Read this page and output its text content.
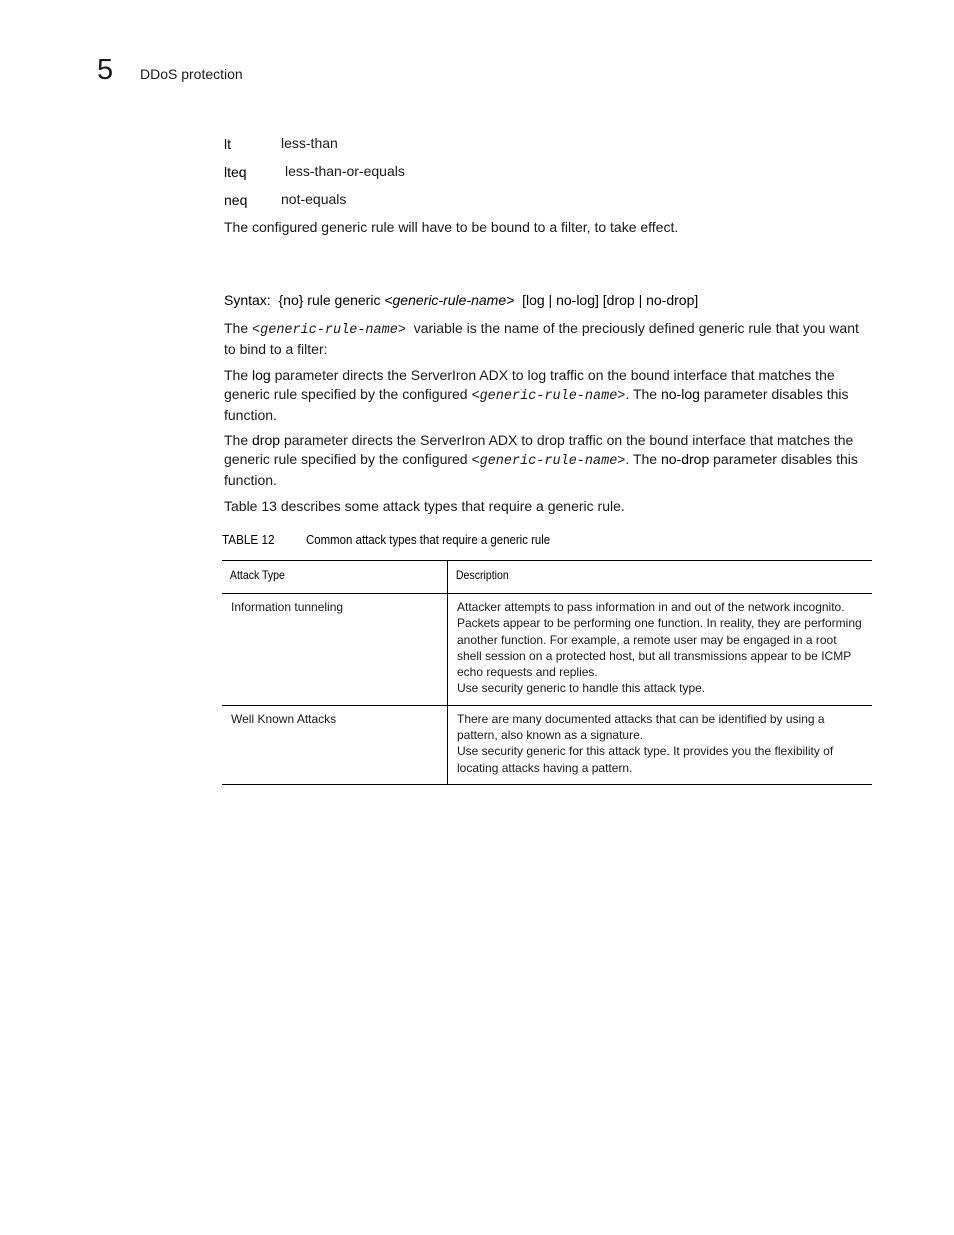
5 DDoS protection
lt	less-than
lteq	less-than-or-equals
neq not-equals
The configured generic rule will have to be bound to a filter, to take effect.
Syntax: {no} rule generic <generic-rule-name> [log | no-log] [drop | no-drop]
The <generic-rule-name> variable is the name of the preciously defined generic rule that you want to bind to a filter:
The log parameter directs the ServerIron ADX to log traffic on the bound interface that matches the generic rule specified by the configured <generic-rule-name>. The no-log parameter disables this function.
The drop parameter directs the ServerIron ADX to drop traffic on the bound interface that matches the generic rule specified by the configured <generic-rule-name>. The no-drop parameter disables this function.
Table 13 describes some attack types that require a generic rule.
TABLE 12 Common attack types that require a generic rule
Attack Type	Description
Information tunneling	Attacker attempts to pass information in and out of the network incognito. Packets appear to be performing one function. In reality, they are performing another function. For example, a remote user may be engaged in a root shell session on a protected host, but all transmissions appear to be ICMP echo requests and replies.

Use security generic to handle this attack type.

Well Known Attacks	There are many documented attacks that can be identified by using a pattern, also known as a signature.

Use security generic for this attack type. It provides you the flexibility of locating attacks having a pattern.
